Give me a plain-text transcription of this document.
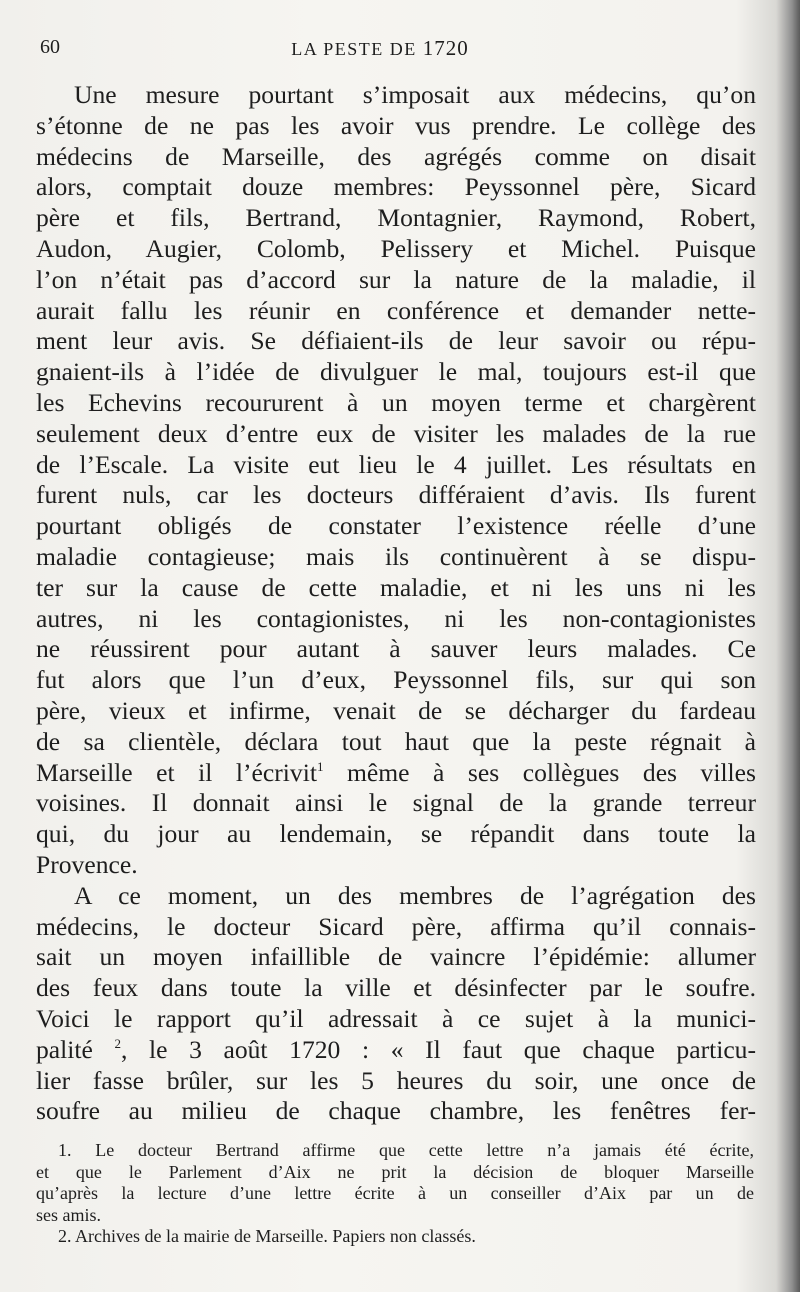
60	LA PESTE DE 1720
Une mesure pourtant s’imposait aux médecins, qu’on
s’étonne de ne pas les avoir vus prendre. Le collège des
médecins de Marseille, des agrégés comme on disait
alors, comptait douze membres: Peyssonnel père, Sicard
père et fils, Bertrand, Montagnier, Raymond, Robert,
Audon, Augier, Colomb, Pelissery et Michel. Puisque
l’on n’était pas d’accord sur la nature de la maladie, il
aurait fallu les réunir en conférence et demander nette-
ment leur avis. Se défiaient-ils de leur savoir ou répu-
gnaient-ils à l’idée de divulguer le mal, toujours est-il que
les Echevins recoururent à un moyen terme et chargèrent
seulement deux d’entre eux de visiter les malades de la rue
de l’Escale. La visite eut lieu le 4 juillet. Les résultats en
furent nuls, car les docteurs différaient d’avis. Ils furent
pourtant obligés de constater l’existence réelle d’une
maladie contagieuse; mais ils continuèrent à se dispu-
ter sur la cause de cette maladie, et ni les uns ni les
autres, ni les contagionistes, ni les non-contagionistes
ne réussirent pour autant à sauver leurs malades. Ce
fut alors que l’un d’eux, Peyssonnel fils, sur qui son
père, vieux et infirme, venait de se décharger du fardeau
de sa clientèle, déclara tout haut que la peste régnait à
Marseille et il l’écrivit$^1$ même à ses collègues des villes
voisines. Il donnait ainsi le signal de la grande terreur
qui, du jour au lendemain, se répandit dans toute la
Provence.
A ce moment, un des membres de l’agrégation des
médecins, le docteur Sicard père, affirma qu’il connais-
sait un moyen infaillible de vaincre l’épidémie: allumer
des feux dans toute la ville et désinfecter par le soufre.
Voici le rapport qu’il adressait à ce sujet à la munici-
palité $^2$, le 3 août 1720 : « Il faut que chaque particu-
lier fasse brûler, sur les 5 heures du soir, une once de
soufre au milieu de chaque chambre, les fenêtres fer-
1. Le docteur Bertrand affirme que cette lettre n’a jamais été écrite,
et que le Parlement d’Aix ne prit la décision de bloquer Marseille
qu’après la lecture d’une lettre écrite à un conseiller d’Aix par un de
ses amis.
2. Archives de la mairie de Marseille. Papiers non classés.
